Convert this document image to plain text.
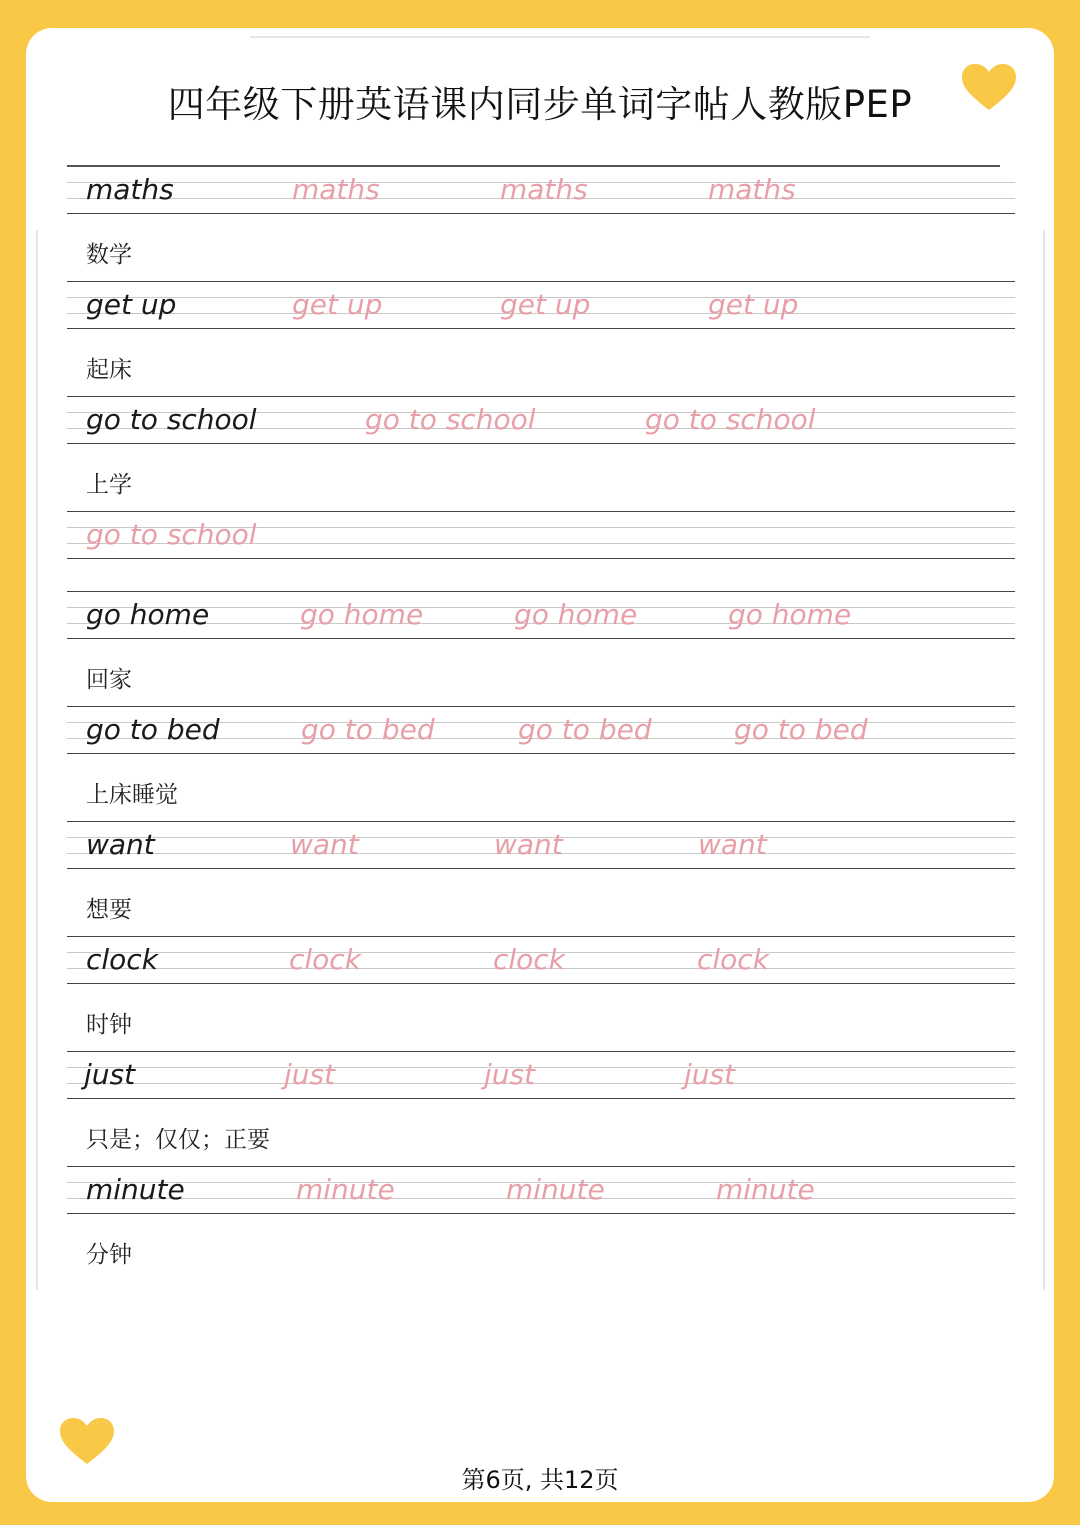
四年级下册英语课内同步单词字帖人教版PEP
maths	maths	maths	maths
数学
get up	get up	get up	get up
起床
go to school	go to school	go to school
上学
go to school
go home	go home	go home	go home
回家
go to bed	go to bed	go to bed	go to bed
上床睡觉
want	want	want	want
想要
clock	clock	clock	clock
时钟
just	just	just	just
只是；仅仅；正要
minute	minute	minute	minute
分钟
第6页, 共12页
